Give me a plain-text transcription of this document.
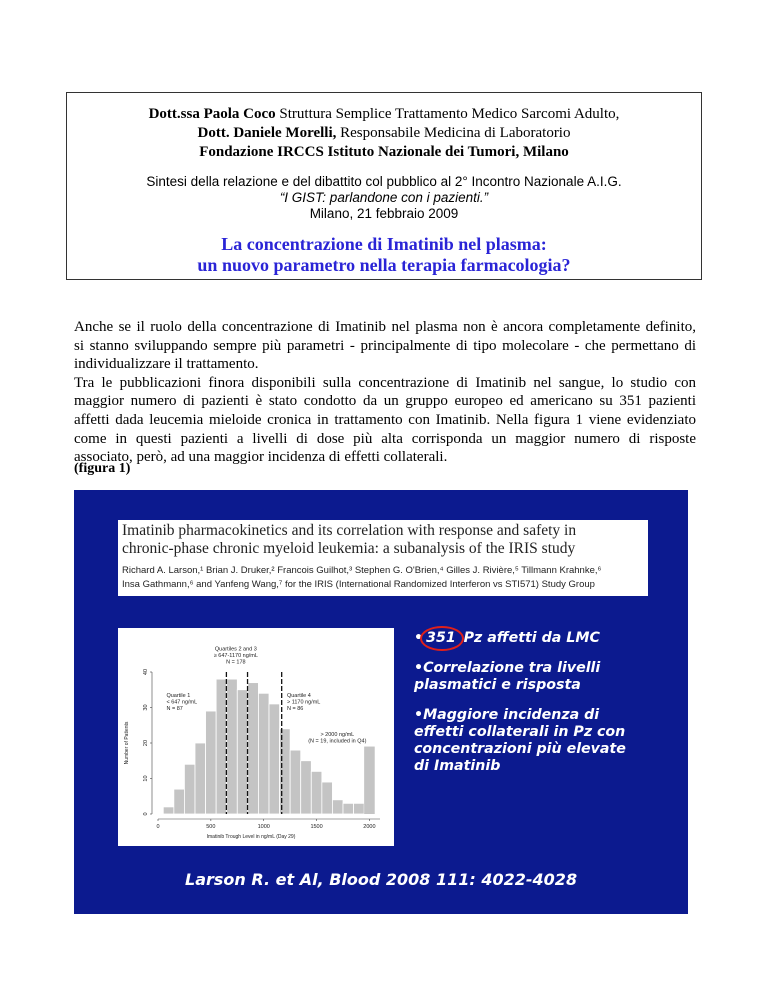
Dott.ssa Paola Coco Struttura Semplice Trattamento Medico Sarcomi Adulto,
Dott. Daniele Morelli, Responsabile Medicina di Laboratorio
Fondazione IRCCS Istituto Nazionale dei Tumori, Milano
Sintesi della relazione e del dibattito col pubblico al 2° Incontro Nazionale A.I.G.
“I GIST: parlandone con i pazienti.”
Milano, 21 febbraio 2009
La concentrazione di Imatinib nel plasma:
un nuovo parametro nella terapia farmacologia?

Anche se il ruolo della concentrazione di Imatinib nel plasma non è ancora completamente definito,
si stanno sviluppando sempre più parametri - principalmente di tipo molecolare - che permettano di
individualizzare il trattamento.
Tra le pubblicazioni finora disponibili sulla concentrazione di Imatinib nel sangue, lo studio con
maggior numero di pazienti è stato condotto da un gruppo europeo ed americano su 351 pazienti
affetti dada leucemia mieloide cronica in trattamento con Imatinib. Nella figura 1 viene evidenziato
come in questi pazienti a livelli di dose più alta corrisponda un maggior numero di risposte
associato, però, ad una maggior incidenza di effetti collaterali.

(figura 1)
Imatinib pharmacokinetics and its correlation with response and safety in
chronic-phase chronic myeloid leukemia: a subanalysis of the IRIS study
Richard A. Larson,¹ Brian J. Druker,² Francois Guilhot,³ Stephen G. O'Brien,⁴ Gilles J. Rivière,⁵ Tillmann Krahnke,⁶
Insa Gathmann,⁶ and Yanfeng Wang,⁷ for the IRIS (International Randomized Interferon vs STI571) Study Group
0
10
20
30
40
0	500	1000	1500	2000
Quartile 1
< 647 ng/mL
N = 87
Quartiles 2 and 3
≥ 647-1170 ng/mL
N = 178
Quartile 4
> 1170 ng/mL
N = 86
> 2000 ng/mL
(N = 19, included in Q4)
Imatinib Trough Level in ng/mL (Day 29)
Number of Patients
• 351 Pz affetti da LMC
•Correlazione tra livelli plasmatici e risposta
•Maggiore incidenza di effetti collaterali in Pz con concentrazioni più elevate di Imatinib
Larson R. et Al, Blood 2008 111: 4022-4028
